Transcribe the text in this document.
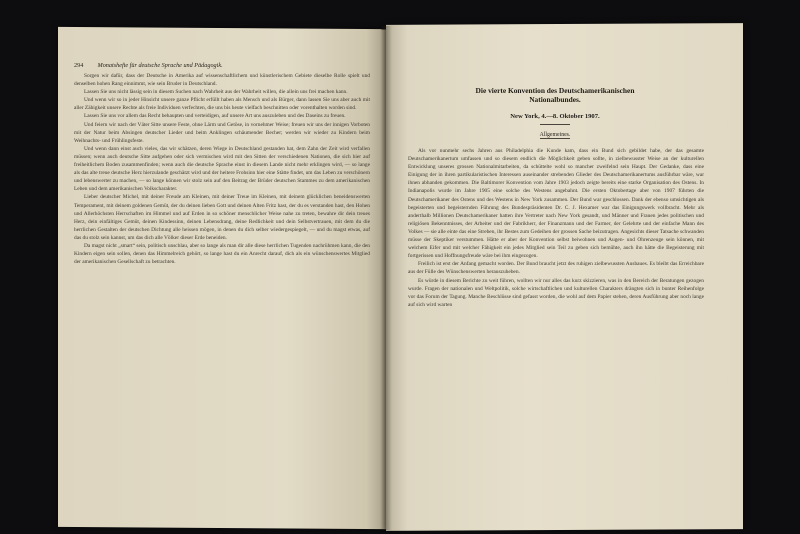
294 Monatshefte für deutsche Sprache und Pädagogik.

Sorgen wir dafür, dass der Deutsche in Amerika auf wissenschaftlichem und künstlerischem Gebiete dieselbe Rolle spielt und denselben hohen Rang einnimmt, wie sein Bruder in Deutschland.

Lassen Sie uns nicht lässig sein in diesem Suchen nach Wahrheit aus der Wahrheit willen, die allein uns frei machen kann.

Und wenn wir so in jeder Hinsicht unsere ganze Pflicht erfüllt haben als Mensch und als Bürger, dann lassen Sie uns aber auch mit aller Zähigkeit unsere Rechte als freie Individuen verfechten, die uns bis heute vielfach beschnitten oder vorenthalten worden sind.

Lassen Sie uns vor allem das Recht behaupten und verteidigen, auf unsere Art uns auszuleben und des Daseins zu freuen.

Und feiern wir nach der Väter Sitte unsere Feste, ohne Lärm und Getöse, in vornehmer Weise; freuen wir uns der innigen Vorboten mit der Natur beim Absingen deutscher Lieder und beim Anklingen schäumender Becher; werden wir wieder zu Kindern beim Weihnachts- und Frühlingsfeste.

Und wenn dann einst auch vieles, das wir schätzen, deren Wiege in Deutschland gestanden hat, dem Zahn der Zeit wird verfallen müssen; wenn auch deutsche Sitte aufgehen oder sich vermischen wird mit den Sitten der verschiedenen Nationen, die sich hier auf freiheitlichem Boden zusammenfinden; wenn auch die deutsche Sprache einst in diesem Lande nicht mehr erklingen wird, — so lange als das alte treue deutsche Herz hierzulande geschätzt wird und der heitere Frohsinn hier eine Stätte findet, um das Leben zu verschönern und lebenswerter zu machen, — so lange können wir stolz sein auf den Beitrag der Brüder deutschen Stammes zu dem amerikanischen Leben und dem amerikanischen Volkscharakter.

Lieber deutscher Michel, mit deiner Freude am Kleinen, mit deiner Treue im Kleinen, mit deinem glücklichen beneidenswerten Temperament, mit deinem goldenen Gemüt, der du deinen lieben Gott und deinen Alten Fritz hast, der du es verstanden hast, den Hohen und Allerhöchsten Herrschaften im Himmel und auf Erden in so schöner menschlicher Weise nahe zu treten, bewahre dir dein treues Herz, dein einfältiges Gemüt, deinen Kindessinn, deinen Lebensdrang, deine Redlichkeit und dein Selbstvertrauen, mit dem du die herrlichen Gestalten der deutschen Dichtung alle heissen mögen, in denen du dich selber wiedergespiegelt, — und du magst etwas, auf das du stolz sein kannst, um das dich alle Völker dieser Erde beneiden.

Da magst nicht „smart“ sein, politisch unschlau, aber so lange als man dir alle diese herrlichen Tugenden nachrühmen kann, die den Kindern eigen sein sollen, denen das Himmelreich gehört, so lange hast du ein Anrecht darauf, dich als ein wünschenswertes Mitglied der amerikanischen Gesellschaft zu betrachten.

Die vierte Konvention des Deutschamerikanischen
Nationalbundes.
New York, 4.—8. Oktober 1907.
Allgemeines.

Als vor nunmehr sechs Jahren aus Philadelphia die Kunde kam, dass ein Bund sich gebildet habe, der das gesamte Deutschamerikanertum umfassen und so diesem endlich die Möglichkeit geben sollte, in zielbewusster Weise an der kulturellen Entwicklung unseres grossen Nationalmitarbeiten, da schüttelte wohl so mancher zweifelnd sein Haupt. Der Gedanke, dass eine Einigung der in ihren partikularistischen Interessen auseinander strebenden Glieder des Deutschamerikanertums ausführbar wäre, war ihnen abhanden gekommen. Die Baltimorer Konvention vom Jahre 1903 jedoch zeigte bereits eine starke Organisation des Ostens. In Indianapolis wurde im Jahre 1905 eine solche des Westens angebahnt. Die ersten Oktobertage aber von 1907 führten die Deutschamerikaner des Ostens und des Westens in New York zusammen. Der Bund war geschlossen. Dank der ebenso umsichtigen als begeisterten und begeisternden Führung des Bundespräsidenten Dr. C. J. Hexamer war das Einigungswerk vollbracht. Mehr als anderthalb Millionen Deutschamerikaner hatten ihre Vertreter nach New York gesandt, und Männer und Frauen jedes politischen und religiösen Bekenntnisses, der Arbeiter und der Fabrikherr, der Finanzmann und der Farmer, der Gelehrte und der einfache Mann des Volkes — sie alle einte das eine Streben, ihr Bestes zum Gedeihen der grossen Sache beizutragen. Angesichts dieser Tatsache schwanden müsse der Skeptiker verstummen. Hätte er aber der Konvention selbst beiwohnen und Augen- und Ohrenzeuge sein können, mit welchem Eifer und mit welcher Fähigkeit ein jedes Mitglied sein Teil zu geben sich bemühte, auch ihn hätte die Begeisterung mit fortgerissen und Hoffnungsfreude wäre bei ihm eingezogen.

Freilich ist erst der Anfang gemacht worden. Der Bund braucht jetzt des ruhigen zielbewussten Ausbaues. Es bleibt das Erreichbare aus der Fülle des Wünschenswerten herauszuheben.

Es würde in diesem Berichte zu weit führen, wollten wir nur alles das kurz skizzieren, was in den Bereich der Beratungen gezogen wurde. Fragen der nationalen und Weltpolitik, solche wirtschaftlichen und kulturellen Charakters drängten sich in bunter Reihenfolge vor das Forum der Tagung. Manche Beschlüsse sind gefasst worden, die wohl auf dem Papier stehen, deren Ausführung aber noch lange auf sich wird warten
